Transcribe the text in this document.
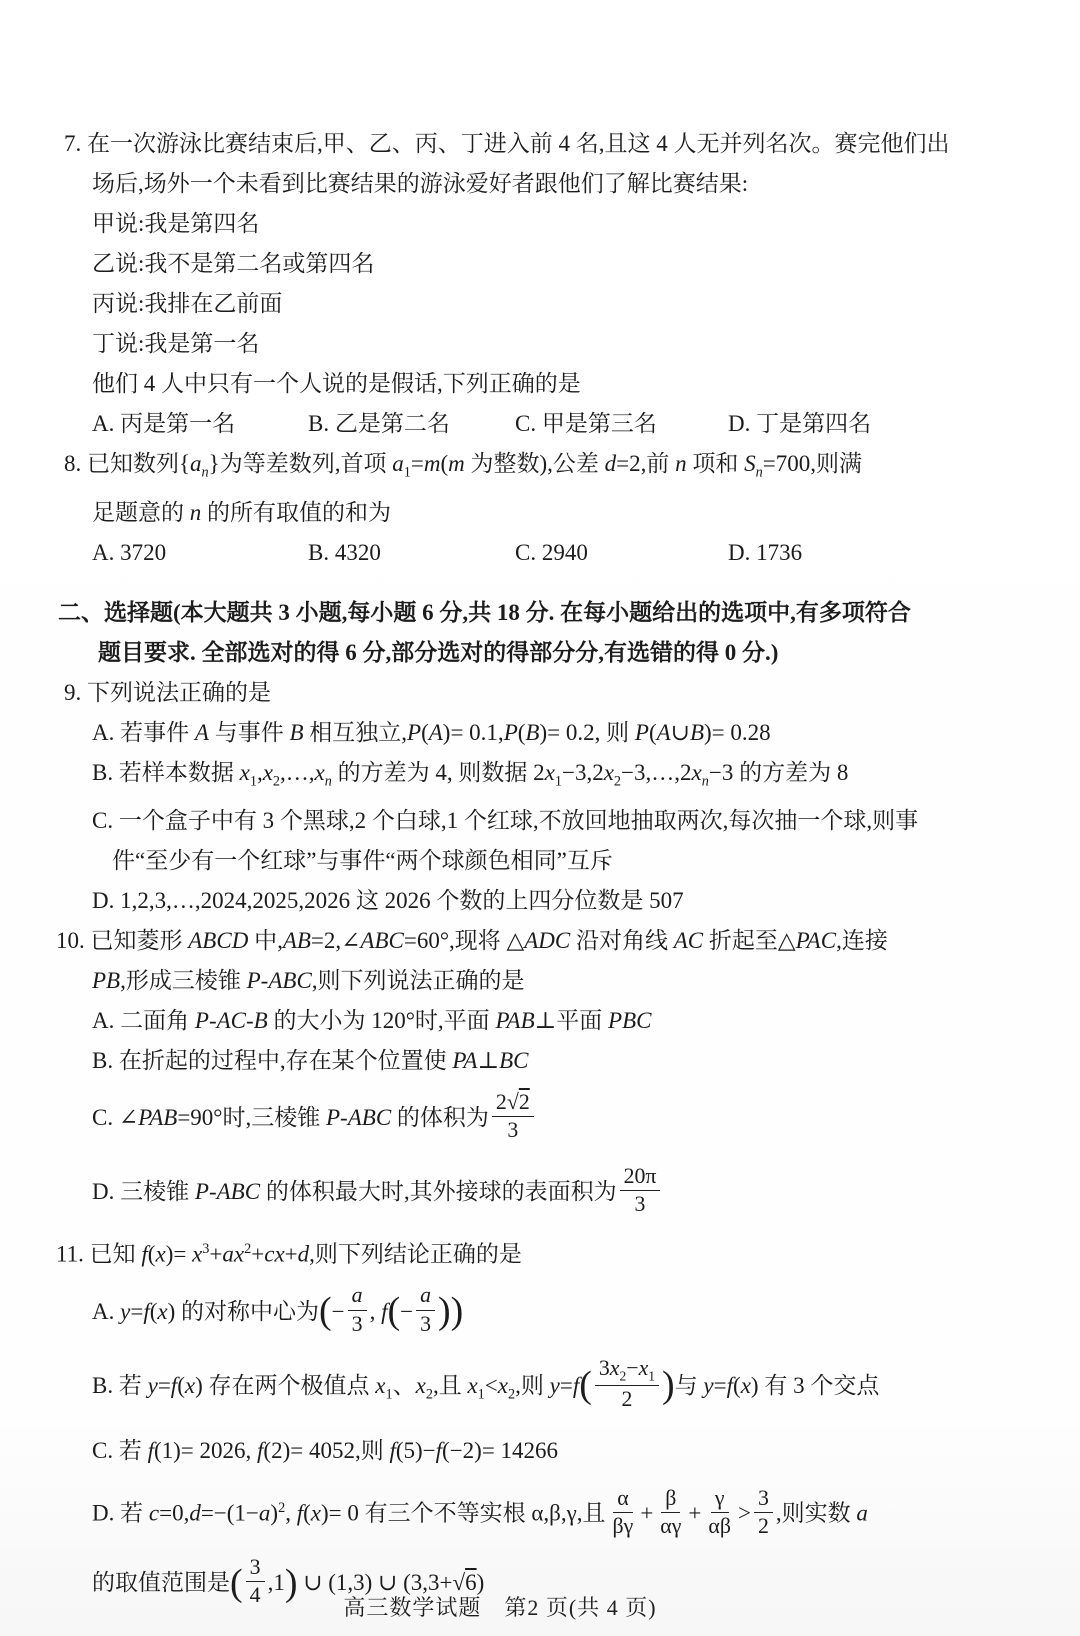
7. 在一次游泳比赛结束后,甲、乙、丙、丁进入前 4 名,且这 4 人无并列名次。赛完他们出
场后,场外一个未看到比赛结果的游泳爱好者跟他们了解比赛结果:
甲说:我是第四名
乙说:我不是第二名或第四名
丙说:我排在乙前面
丁说:我是第一名
他们 4 人中只有一个人说的是假话,下列正确的是
A. 丙是第一名	B. 乙是第二名	C. 甲是第三名	D. 丁是第四名
8. 已知数列$\{a_n\}$为等差数列,首项 $a_1=m(m$ 为整数),公差 d=2,前 n 项和 $S_n=700$,则满
足题意的 n 的所有取值的和为
A. 3720	B. 4320	C. 2940	D. 1736
二、选择题(本大题共 3 小题,每小题 6 分,共 18 分. 在每小题给出的选项中,有多项符合
题目要求. 全部选对的得 6 分,部分选对的得部分分,有选错的得 0 分.)
9. 下列说法正确的是
A. 若事件 A 与事件 B 相互独立,P(A)= 0.1,P(B)= 0.2, 则 P(A∪B)= 0.28
B. 若样本数据 $x_1,x_2,\dots,x_n$ 的方差为 4, 则数据 $2x_1-3,2x_2-3,\dots,2x_n-3$ 的方差为 8
C. 一个盒子中有 3 个黑球,2 个白球,1 个红球,不放回地抽取两次,每次抽一个球,则事
件“至少有一个红球”与事件“两个球颜色相同”互斥
D. 1,2,3,…,2024,2025,2026 这 2026 个数的上四分位数是 507
10. 已知菱形 ABCD 中,AB=2,∠ABC=60°,现将 △ADC 沿对角线 AC 折起至△PAC,连接
PB,形成三棱锥 P-ABC,则下列说法正确的是
A. 二面角 P-AC-B 的大小为 120°时,平面 PAB⊥平面 PBC
B. 在折起的过程中,存在某个位置使 PA⊥BC
C. ∠PAB=90°时,三棱锥 P-ABC 的体积为 $\frac{2√2}{3}$
D. 三棱锥 P-ABC 的体积最大时,其外接球的表面积为 $\frac{20\pi}{3}$
11. 已知 $f(x)= x^3+ax^2+cx+d$,则下列结论正确的是
A. y=f(x) 的对称中心为(− $\frac{a}{3}$ , $f(- \frac{a}{3}$ ))
B. 若 y=f(x) 存在两个极值点 $x_1$、$x_2$,且 $x_1<x_2$,则 $y=f( \frac{3x_2-x_1}{2}$ )与 y=f(x) 有 3 个交点
C. 若 f(1)= 2026, f(2)= 4052,则 f(5)−f(−2)= 14266
D. 若 $c=0,d=-(1-a)^2$, f(x)= 0 有三个不等实根 α,β,γ,且 $\frac{\alpha}{\beta\gamma} + \frac{\beta}{\alpha\gamma} + \frac{\gamma}{\alpha\beta} > \frac{3}{2}$ ,则实数 a
的取值范围是( $\frac{3}{4} ,1$) ∪ (1,3) ∪ (3,3+√6)
高三数学试题　第2 页(共 4 页)
